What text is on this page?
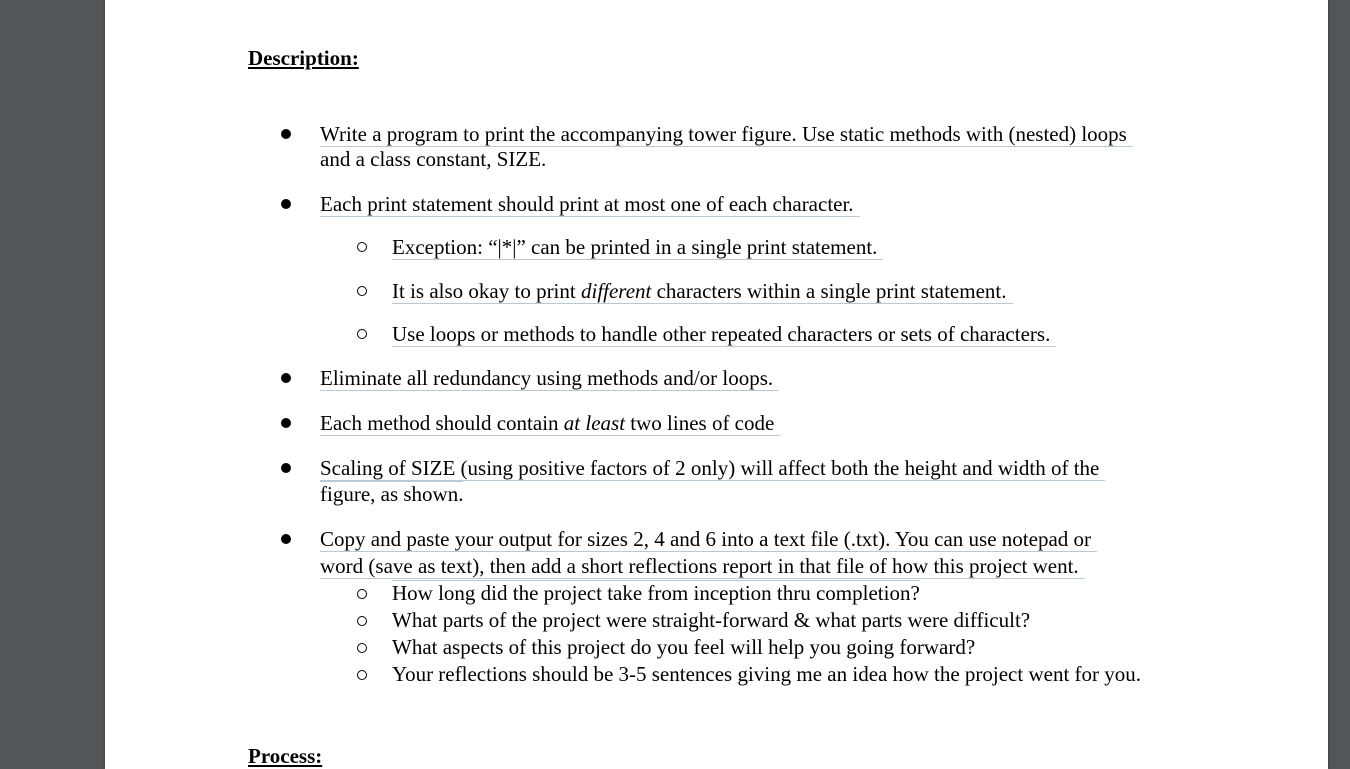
Description:
Write a program to print the accompanying tower figure. Use static methods with (nested) loops
and a class constant, SIZE.
Each print statement should print at most one of each character.
Exception: “|*|” can be printed in a single print statement.
It is also okay to print different characters within a single print statement.
Use loops or methods to handle other repeated characters or sets of characters.
Eliminate all redundancy using methods and/or loops.
Each method should contain at least two lines of code
Scaling of SIZE (using positive factors of 2 only) will affect both the height and width of the
figure, as shown.
Copy and paste your output for sizes 2, 4 and 6 into a text file (.txt). You can use notepad or
word (save as text), then add a short reflections report in that file of how this project went.
How long did the project take from inception thru completion?
What parts of the project were straight-forward & what parts were difficult?
What aspects of this project do you feel will help you going forward?
Your reflections should be 3-5 sentences giving me an idea how the project went for you.
Process:
